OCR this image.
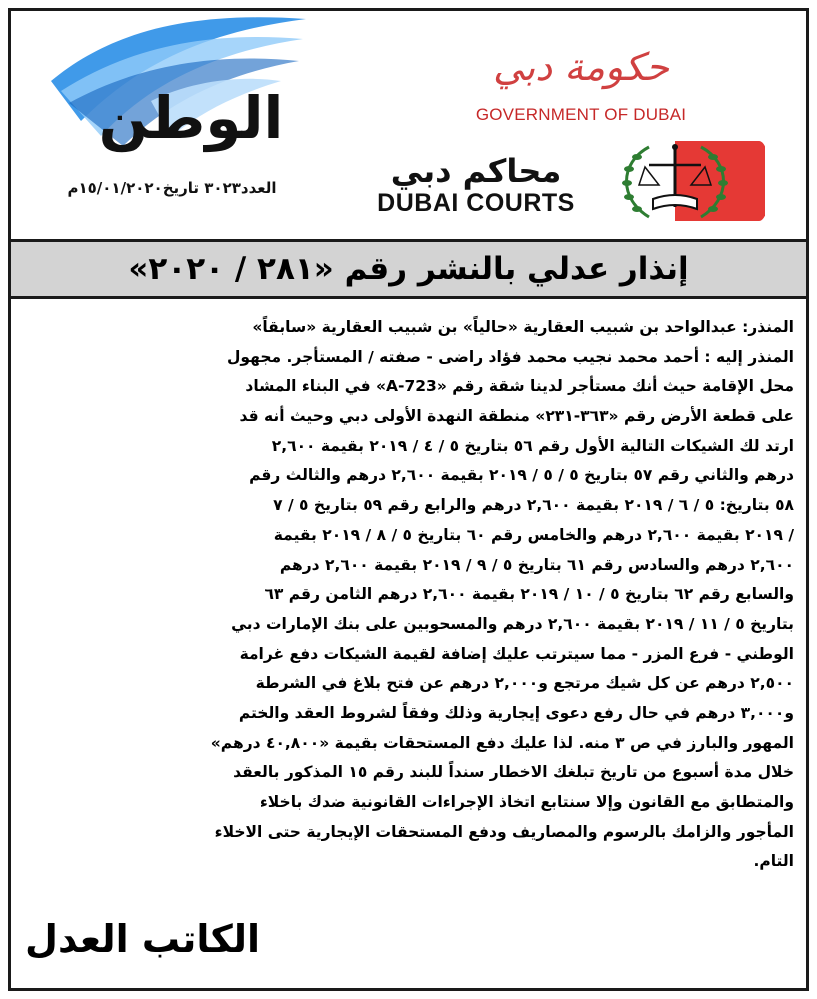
الوطن
العدد٣٠٢٣ تاريخ١٥/٠١/٢٠٢٠م
حكومة دبي
GOVERNMENT OF DUBAI
محاكم دبي
DUBAI COURTS
إنذار عدلي بالنشر رقم «٢٨١ / ٢٠٢٠»
المنذر: عبدالواحد بن شبيب العقارية «حالياً» بن شبيب العقارية «سابقاً»
المنذر إليه : أحمد محمد نجيب محمد فؤاد راضى - صفته / المستأجر. مجهول
محل الإقامة حيث أنك مستأجر لدينا شقة رقم «A-723» في البناء المشاد
على قطعة الأرض رقم «٣٦٣-٢٣١» منطقة النهدة الأولى دبي وحيث أنه قد
ارتد لك الشيكات التالية الأول رقم ٥٦ بتاريخ ٥ / ٤ / ٢٠١٩ بقيمة ٢,٦٠٠
درهم والثاني رقم ٥٧ بتاريخ ٥ / ٥ / ٢٠١٩ بقيمة ٢,٦٠٠ درهم والثالث رقم
٥٨ بتاريخ: ٥ / ٦ / ٢٠١٩ بقيمة ٢,٦٠٠ درهم والرابع رقم ٥٩ بتاريخ ٥ / ٧
/ ٢٠١٩ بقيمة ٢,٦٠٠ درهم والخامس رقم ٦٠ بتاريخ ٥ / ٨ / ٢٠١٩ بقيمة
٢,٦٠٠ درهم والسادس رقم ٦١ بتاريخ ٥ / ٩ / ٢٠١٩ بقيمة ٢,٦٠٠ درهم
والسابع رقم ٦٢ بتاريخ ٥ / ١٠ / ٢٠١٩ بقيمة ٢,٦٠٠ درهم الثامن رقم ٦٣
بتاريخ ٥ / ١١ / ٢٠١٩ بقيمة ٢,٦٠٠ درهم والمسحوبين على بنك الإمارات دبي
الوطني - فرع المزر - مما سيترتب عليك إضافة لقيمة الشيكات دفع غرامة
٢,٥٠٠ درهم عن كل شيك مرتجع و٢,٠٠٠ درهم عن فتح بلاغ في الشرطة
و٣,٠٠٠ درهم في حال رفع دعوى إيجارية وذلك وفقاً لشروط العقد والختم
المهور والبارز في ص ٣ منه. لذا عليك دفع المستحقات بقيمة «٤٠,٨٠٠ درهم»
خلال مدة أسبوع من تاريخ تبلغك الاخطار سنداً للبند رقم ١٥ المذكور بالعقد
والمتطابق مع القانون وإلا سنتابع اتخاذ الإجراءات القانونية ضدك باخلاء
المأجور والزامك بالرسوم والمصاريف ودفع المستحقات الإيجارية حتى الاخلاء
التام.
الكاتب العدل
